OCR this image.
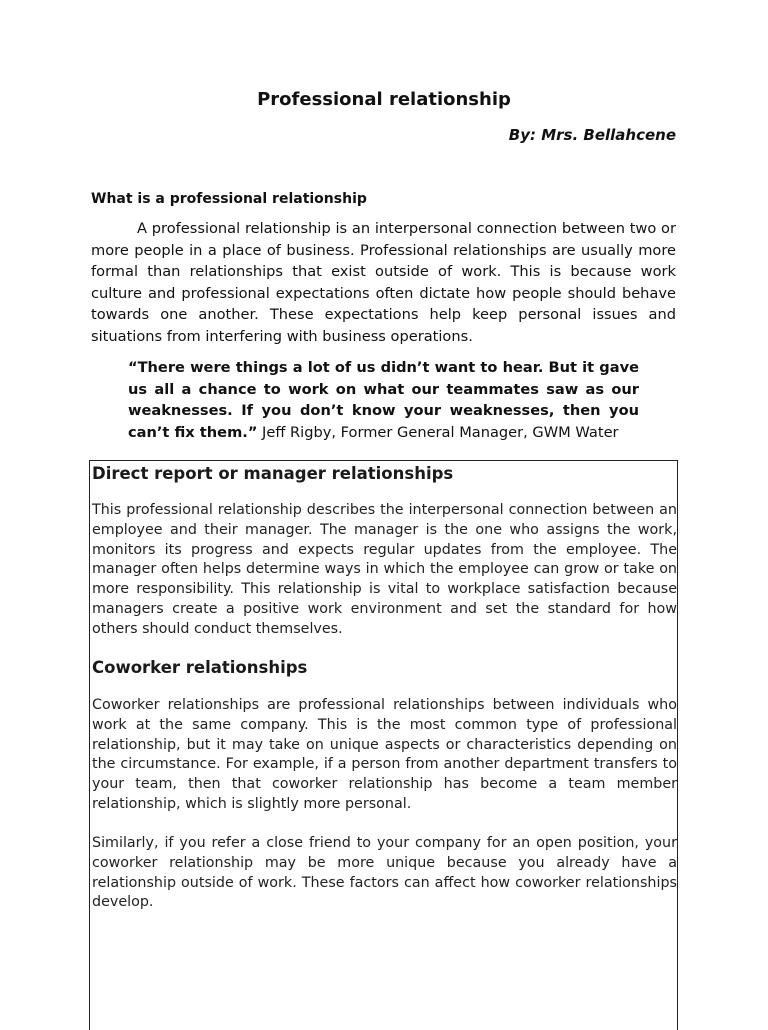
Professional relationship
By: Mrs. Bellahcene
What is a professional relationship

A professional relationship is an interpersonal connection between two or more people in a place of business. Professional relationships are usually more formal than relationships that exist outside of work. This is because work culture and professional expectations often dictate how people should behave towards one another. These expectations help keep personal issues and situations from interfering with business operations.

“There were things a lot of us didn’t want to hear. But it gave us all a chance to work on what our teammates saw as our weaknesses. If you don’t know your weaknesses, then you can’t fix them.” Jeff Rigby, Former General Manager, GWM Water

Direct report or manager relationships

This professional relationship describes the interpersonal connection between an employee and their manager. The manager is the one who assigns the work, monitors its progress and expects regular updates from the employee. The manager often helps determine ways in which the employee can grow or take on more responsibility. This relationship is vital to workplace satisfaction because managers create a positive work environment and set the standard for how others should conduct themselves.

Coworker relationships

Coworker relationships are professional relationships between individuals who work at the same company. This is the most common type of professional relationship, but it may take on unique aspects or characteristics depending on the circumstance. For example, if a person from another department transfers to your team, then that coworker relationship has become a team member relationship, which is slightly more personal.

Similarly, if you refer a close friend to your company for an open position, your coworker relationship may be more unique because you already have a relationship outside of work. These factors can affect how coworker relationships develop.
